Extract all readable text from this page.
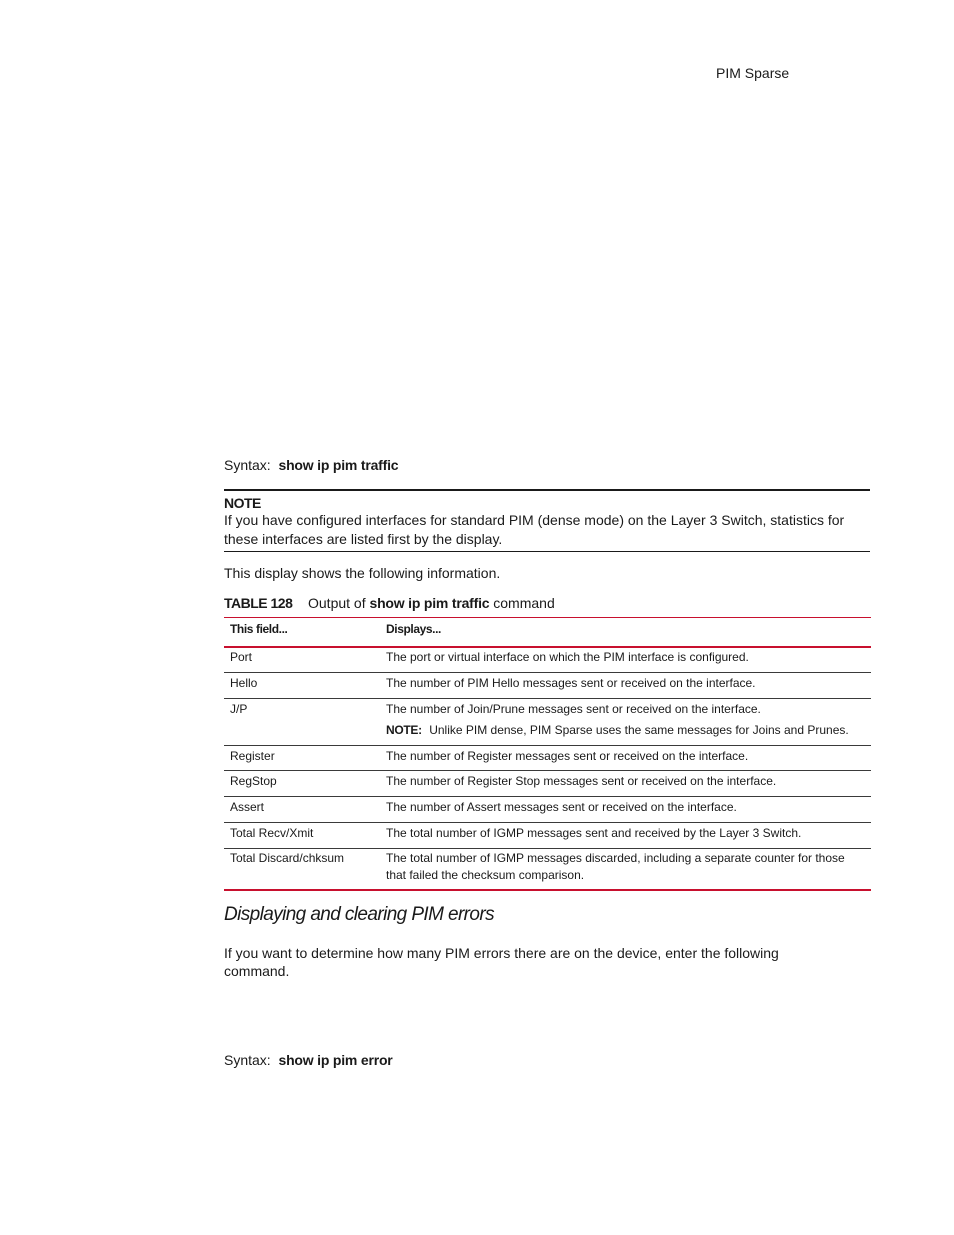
PIM Sparse
Syntax: show ip pim traffic
NOTE
If you have configured interfaces for standard PIM (dense mode) on the Layer 3 Switch, statistics for these interfaces are listed first by the display.
This display shows the following information.
TABLE 128 Output of show ip pim traffic command
This field...	Displays...
Port	The port or virtual interface on which the PIM interface is configured.
Hello	The number of PIM Hello messages sent or received on the interface.
J/P	The number of Join/Prune messages sent or received on the interface.
NOTE: Unlike PIM dense, PIM Sparse uses the same messages for Joins and Prunes.
Register	The number of Register messages sent or received on the interface.
RegStop	The number of Register Stop messages sent or received on the interface.
Assert	The number of Assert messages sent or received on the interface.
Total Recv/Xmit	The total number of IGMP messages sent and received by the Layer 3 Switch.
Total Discard/chksum	The total number of IGMP messages discarded, including a separate counter for those that failed the checksum comparison.
Displaying and clearing PIM errors
If you want to determine how many PIM errors there are on the device, enter the following command.
Syntax: show ip pim error
